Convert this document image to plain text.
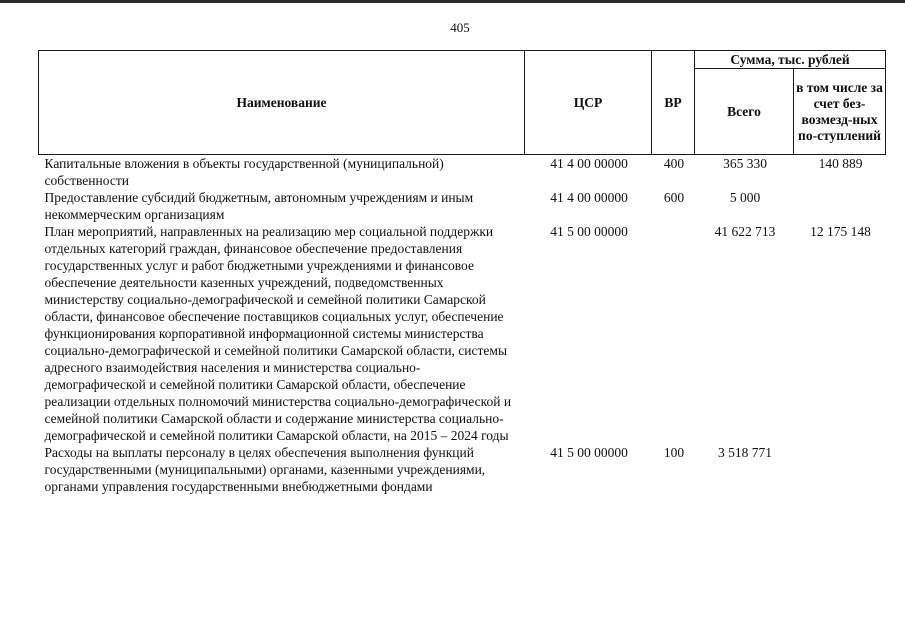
405
Наименование	ЦСР	ВР	Сумма, тыс. рублей	
			Всего	в том числе за счет без-возмезд-ных по-ступлений
Капитальные вложения в объекты государственной (муниципальной) собственности	41 4 00 00000	400	365 330	140 889
Предоставление субсидий бюджетным, автономным учреждениям и иным некоммерческим организациям	41 4 00 00000	600	5 000	
План мероприятий, направленных на реализацию мер социальной поддержки отдельных категорий граждан, финансовое обеспечение предоставления государственных услуг и работ бюджетными учреждениями и финансовое обеспечение деятельности казенных учреждений, подведомственных министерству социально-демографической и семейной политики Самарской области, финансовое обеспечение поставщиков социальных услуг, обеспечение функционирования корпоративной информационной системы министерства социально-демографической и семейной политики Самарской области, системы адресного взаимодействия населения и министерства социально-демографической и семейной политики Самарской области, обеспечение реализации отдельных полномочий министерства социально-демографической и семейной политики Самарской области и содержание министерства социально-демографической и семейной политики Самарской области, на 2015 – 2024 годы	41 5 00 00000		41 622 713	12 175 148
Расходы на выплаты персоналу в целях обеспечения выполнения функций государственными (муниципальными) органами, казенными учреждениями, органами управления государственными внебюджетными фондами	41 5 00 00000	100	3 518 771	
